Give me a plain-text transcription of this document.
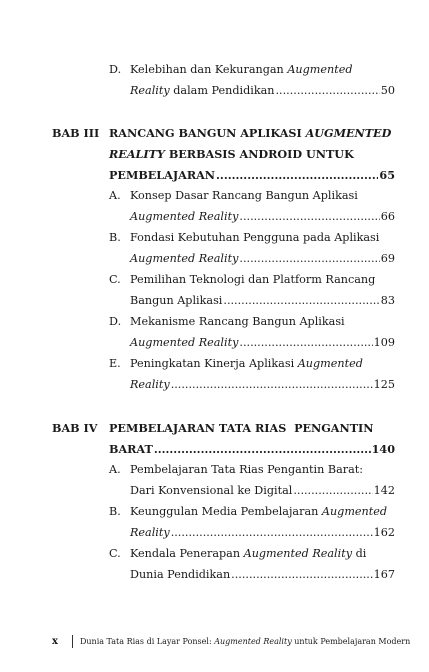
D. Kelebihan dan Kekurangan Augmented
Reality dalam Pendidikan .....	50
BAB III RANCANG BANGUN APLIKASI AUGMENTED
REALITY BERBASIS ANDROID UNTUK
PEMBELAJARAN .....	65
A. Konsep Dasar Rancang Bangun Aplikasi
Augmented Reality .....	66
B. Fondasi Kebutuhan Pengguna pada Aplikasi
Augmented Reality .....	69
C. Pemilihan Teknologi dan Platform Rancang
Bangun Aplikasi .....	83
D. Mekanisme Rancang Bangun Aplikasi
Augmented Reality .....	109
E. Peningkatan Kinerja Aplikasi Augmented
Reality .....	125
BAB IV PEMBELAJARAN TATA RIAS  PENGANTIN
BARAT .....	140
A. Pembelajaran Tata Rias Pengantin Barat:
Dari Konvensional ke Digital .....	142
B. Keunggulan Media Pembelajaran Augmented
Reality .....	162
C. Kendala Penerapan Augmented Reality di
Dunia Pendidikan .....	167
x	Dunia Tata Rias di Layar Ponsel: Augmented Reality untuk Pembelajaran Modern
